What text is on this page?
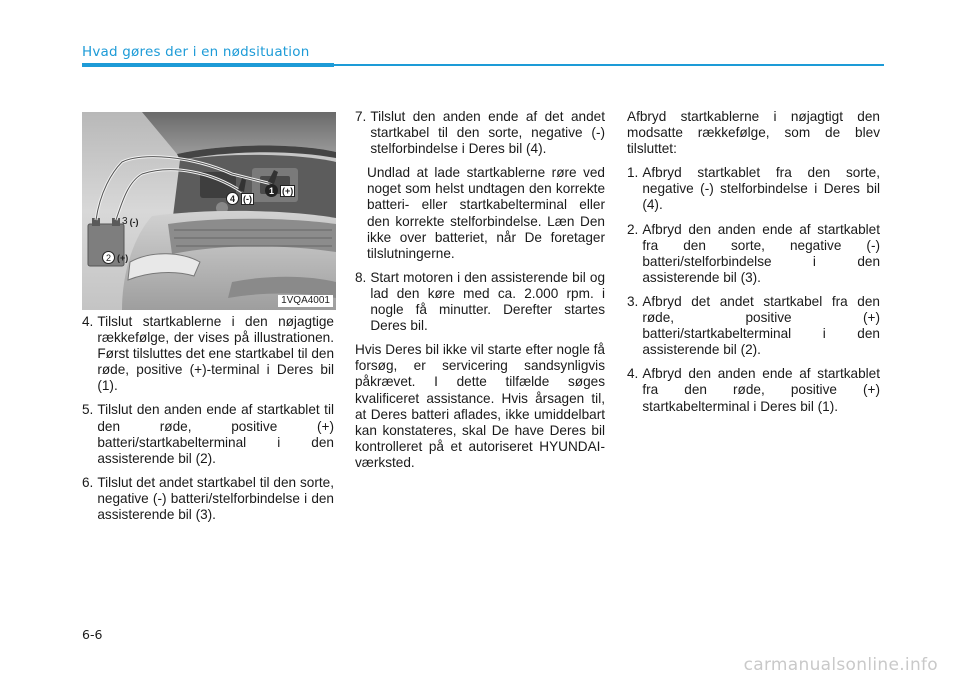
Hvad gøres der i en nødsituation
1 (+)
4 (-)
3 (-)
2 (+)
1VQA4001
4. Tilslut startkablerne i den nøjagtige rækkefølge, der vises på illustrationen. Først tilsluttes det ene startkabel til den røde, positive (+)-terminal i Deres bil (1).
5. Tilslut den anden ende af startkablet til den røde, positive (+) batteri/startkabelterminal i den assisterende bil (2).
6. Tilslut det andet startkabel til den sorte, negative (-) batteri/stelforbindelse i den assisterende bil (3).
7. Tilslut den anden ende af det andet startkabel til den sorte, negative (-) stelforbindelse i Deres bil (4).
Undlad at lade startkablerne røre ved noget som helst undtagen den korrekte batteri- eller startkabelterminal eller den korrekte stelforbindelse. Læn Den ikke over batteriet, når De foretager tilslutningerne.
8. Start motoren i den assisterende bil og lad den køre med ca. 2.000 rpm. i nogle få minutter. Derefter startes Deres bil.
Hvis Deres bil ikke vil starte efter nogle få forsøg, er servicering sandsynligvis påkrævet. I dette tilfælde søges kvalificeret assistance. Hvis årsagen til, at Deres batteri aflades, ikke umiddelbart kan konstateres, skal De have Deres bil kontrolleret på et autoriseret HYUNDAI-værksted.
Afbryd startkablerne i nøjagtigt den modsatte rækkefølge, som de blev tilsluttet:
1. Afbryd startkablet fra den sorte, negative (-) stelforbindelse i Deres bil (4).
2. Afbryd den anden ende af startkablet fra den sorte, negative (-) batteri/stelforbindelse i den assisterende bil (3).
3. Afbryd det andet startkabel fra den røde, positive (+) batteri/startkabelterminal i den assisterende bil (2).
4. Afbryd den anden ende af startkablet fra den røde, positive (+) startkabelterminal i Deres bil (1).
6-6
carmanualsonline.info
